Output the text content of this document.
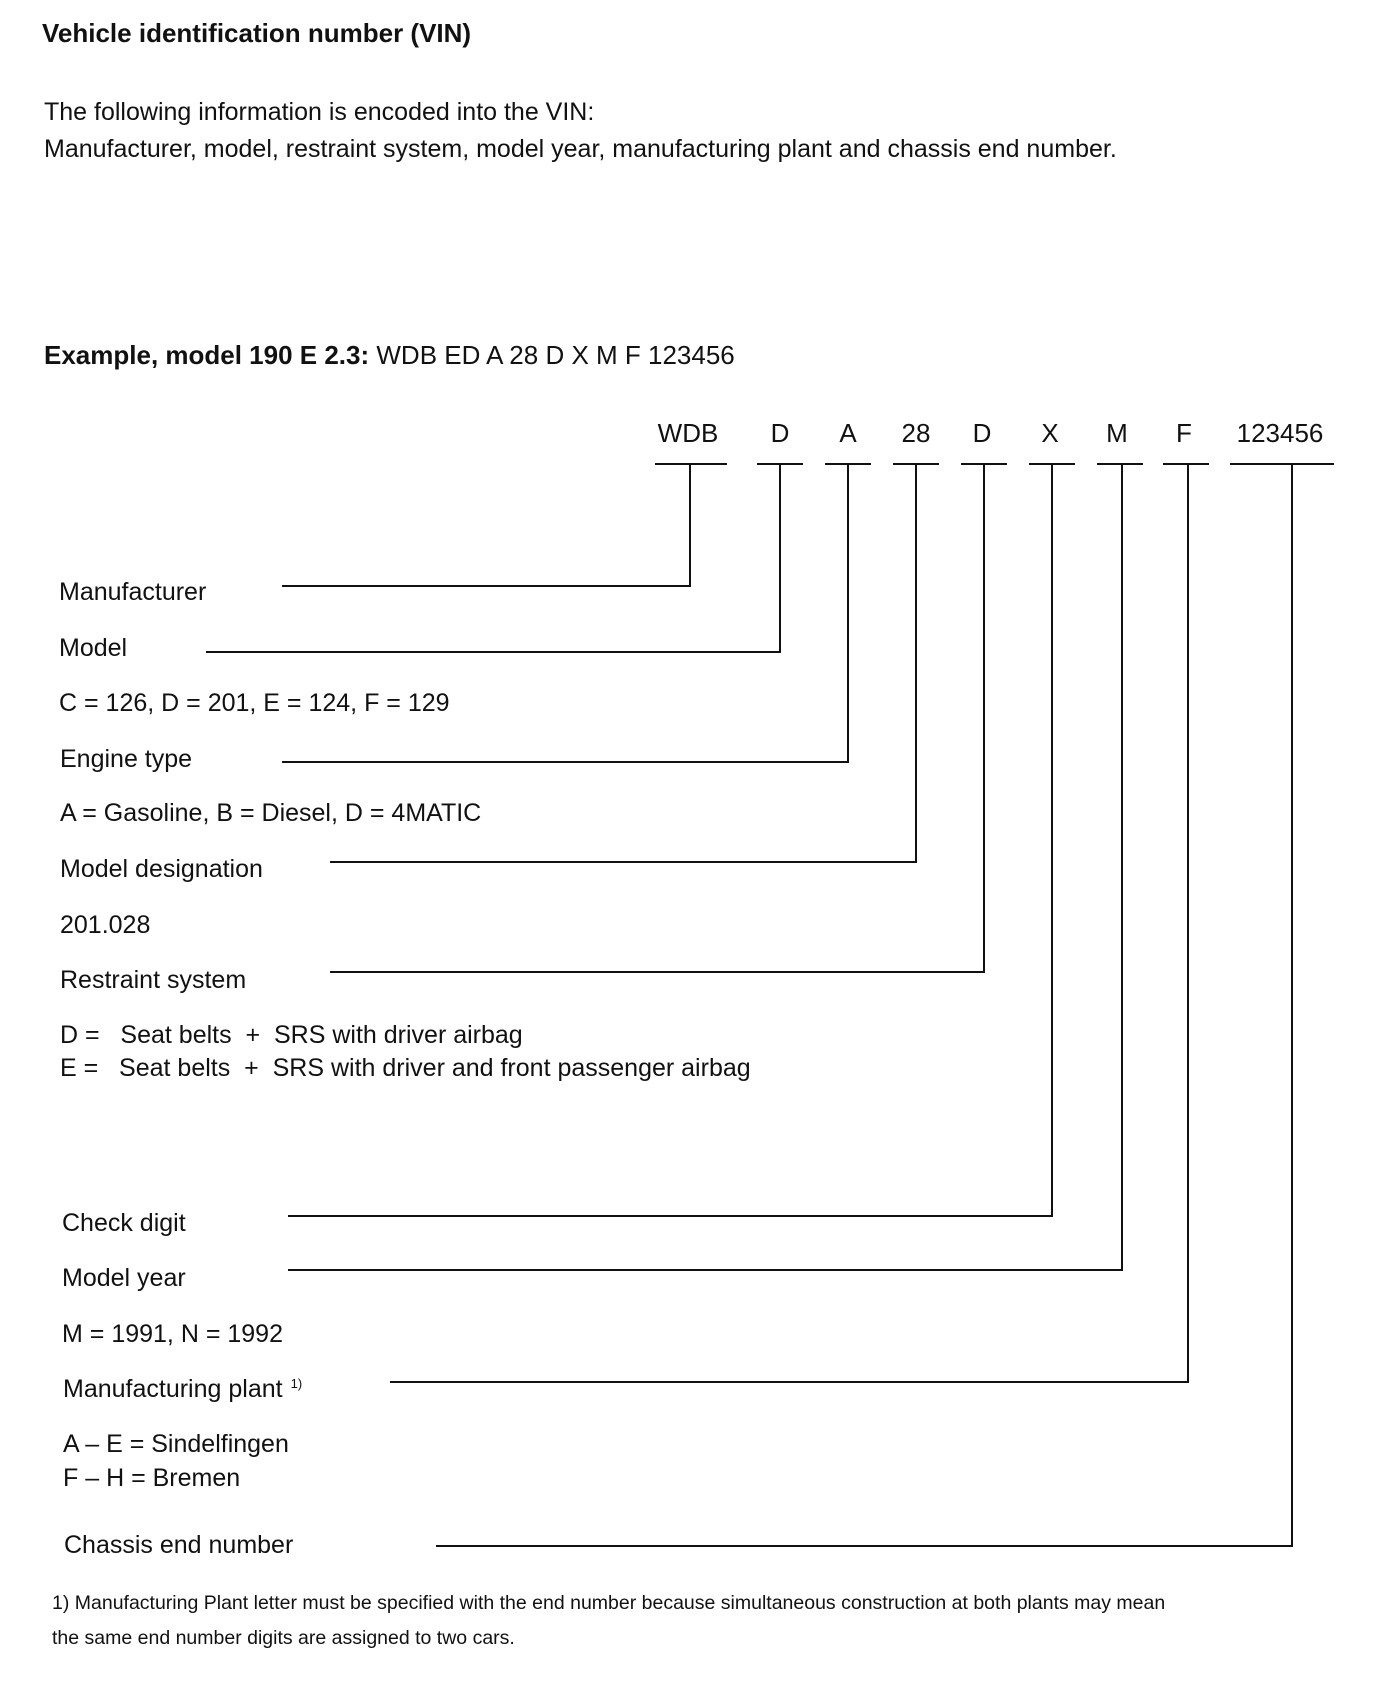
Vehicle identification number (VIN)
The following information is encoded into the VIN:
Manufacturer, model, restraint system, model year, manufacturing plant and chassis end number.
Example, model 190 E 2.3: WDB ED A 28 D X M F 123456
WDB	D	A	28	D	X	M	F	123456
Manufacturer
Model
C = 126, D = 201, E = 124, F = 129
Engine type
A = Gasoline, B = Diesel, D = 4MATIC
Model designation
201.028
Restraint system
D =   Seat belts  +  SRS with driver airbag
E =   Seat belts  +  SRS with driver and front passenger airbag
Check digit
Model year
M = 1991, N = 1992
Manufacturing plant $^{1)}$
A – E = Sindelfingen
F – H = Bremen
Chassis end number
1) Manufacturing Plant letter must be specified with the end number because simultaneous construction at both plants may mean
the same end number digits are assigned to two cars.
